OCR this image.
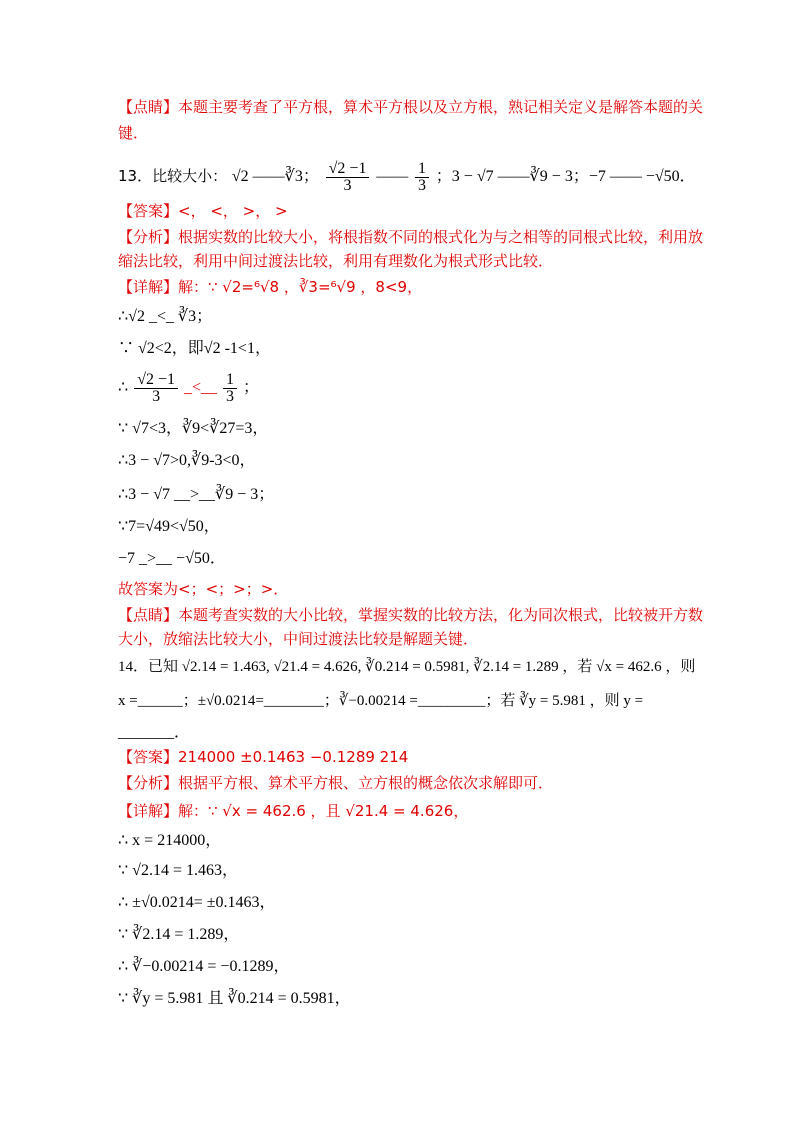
【点睛】本题主要考查了平方根，算术平方根以及立方根，熟记相关定义是解答本题的关
键．
13．比较大小： √2 ——∛3； $\frac{√2 -1}{3}$ —— $\frac{1}{3}$ ；3 − √7 ——∛9 − 3；−7 —— −√50．
【答案】<， <， >， >
【分析】根据实数的比较大小，将根指数不同的根式化为与之相等的同根式比较，利用放
缩法比较，利用中间过渡法比较，利用有理数化为根式形式比较．
【详解】解：∵ √2=⁶√8 ，∛3=⁶√9 ，8<9，
∴√2 _<_ ∛3；
∵ √2<2，即√2 -1<1，
∴ $\frac{√2 -1}{3}$ _<__ $\frac{1}{3}$ ；
∵ √7<3，∛9<∛27=3，
∴3 − √7>0,∛9-3<0，
∴3 − √7 __>__∛9 − 3；
∵7=√49<√50，
−7 _>__ −√50．
故答案为<；<；>；>．
【点睛】本题考查实数的大小比较，掌握实数的比较方法，化为同次根式，比较被开方数
大小，放缩法比较大小，中间过渡法比较是解题关键．
14．已知 √2.14 = 1.463, √21.4 = 4.626, ∛0.214 = 0.5981, ∛2.14 = 1.289 ，若 √x = 462.6 ，则
x =______；±√0.0214=________；∛−0.00214 =_________；若 ∛y = 5.981 ，则 y =
_______．
【答案】214000 ±0.1463 −0.1289 214
【分析】根据平方根、算术平方根、立方根的概念依次求解即可．
【详解】解：∵ √x = 462.6 ，且 √21.4 = 4.626，
∴ x = 214000，
∵ √2.14 = 1.463，
∴ ±√0.0214= ±0.1463，
∵ ∛2.14 = 1.289，
∴ ∛−0.00214 = −0.1289，
∵ ∛y = 5.981 且 ∛0.214 = 0.5981，
